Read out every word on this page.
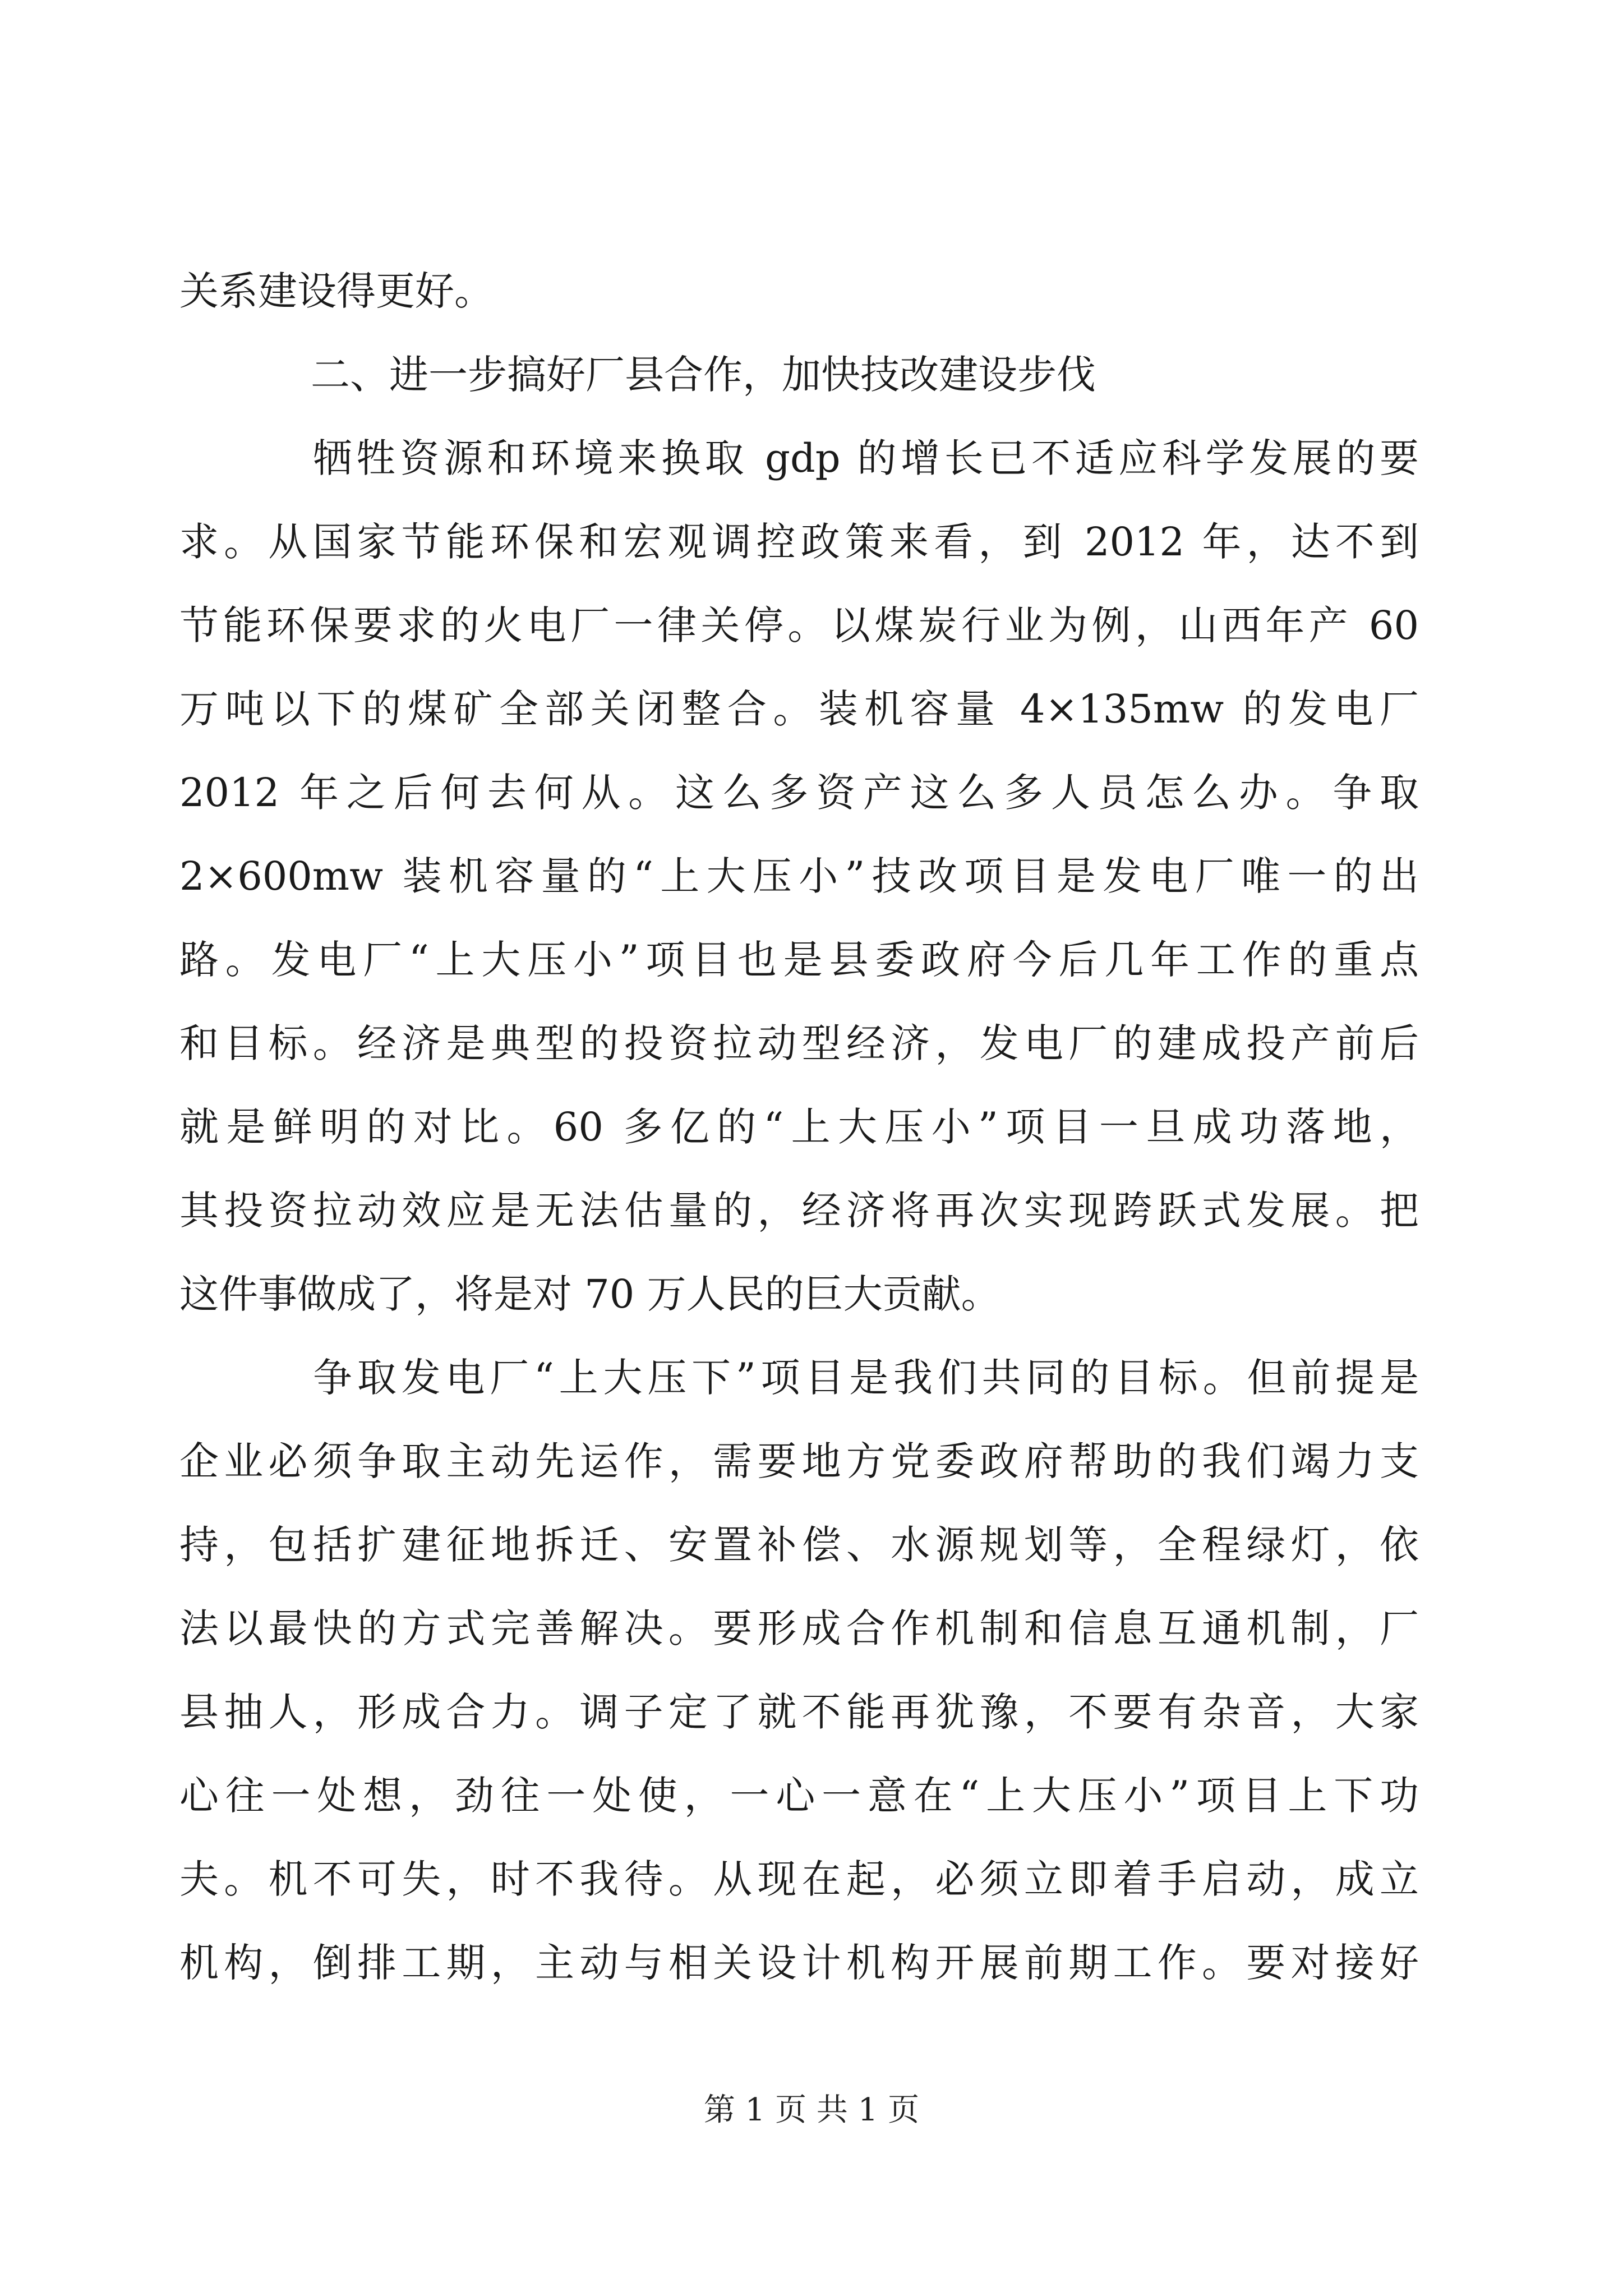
关系建设得更好。
二、进一步搞好厂县合作，加快技改建设步伐
牺牲资源和环境来换取 gdp 的增长已不适应科学发展的要
求。从国家节能环保和宏观调控政策来看，到 2012 年，达不到
节能环保要求的火电厂一律关停。以煤炭行业为例，山西年产 60
万吨以下的煤矿全部关闭整合。装机容量 4×135mw 的发电厂
2012 年之后何去何从。这么多资产这么多人员怎么办。争取
2×600mw 装机容量的“上大压小”技改项目是发电厂唯一的出
路。发电厂“上大压小”项目也是县委政府今后几年工作的重点
和目标。经济是典型的投资拉动型经济，发电厂的建成投产前后
就是鲜明的对比。60 多亿的“上大压小”项目一旦成功落地，
其投资拉动效应是无法估量的，经济将再次实现跨跃式发展。把
这件事做成了，将是对 70 万人民的巨大贡献。
争取发电厂“上大压下”项目是我们共同的目标。但前提是
企业必须争取主动先运作，需要地方党委政府帮助的我们竭力支
持，包括扩建征地拆迁、安置补偿、水源规划等，全程绿灯，依
法以最快的方式完善解决。要形成合作机制和信息互通机制，厂
县抽人，形成合力。调子定了就不能再犹豫，不要有杂音，大家
心往一处想，劲往一处使，一心一意在“上大压小”项目上下功
夫。机不可失，时不我待。从现在起，必须立即着手启动，成立
机构，倒排工期，主动与相关设计机构开展前期工作。要对接好
第 1 页 共 1 页
